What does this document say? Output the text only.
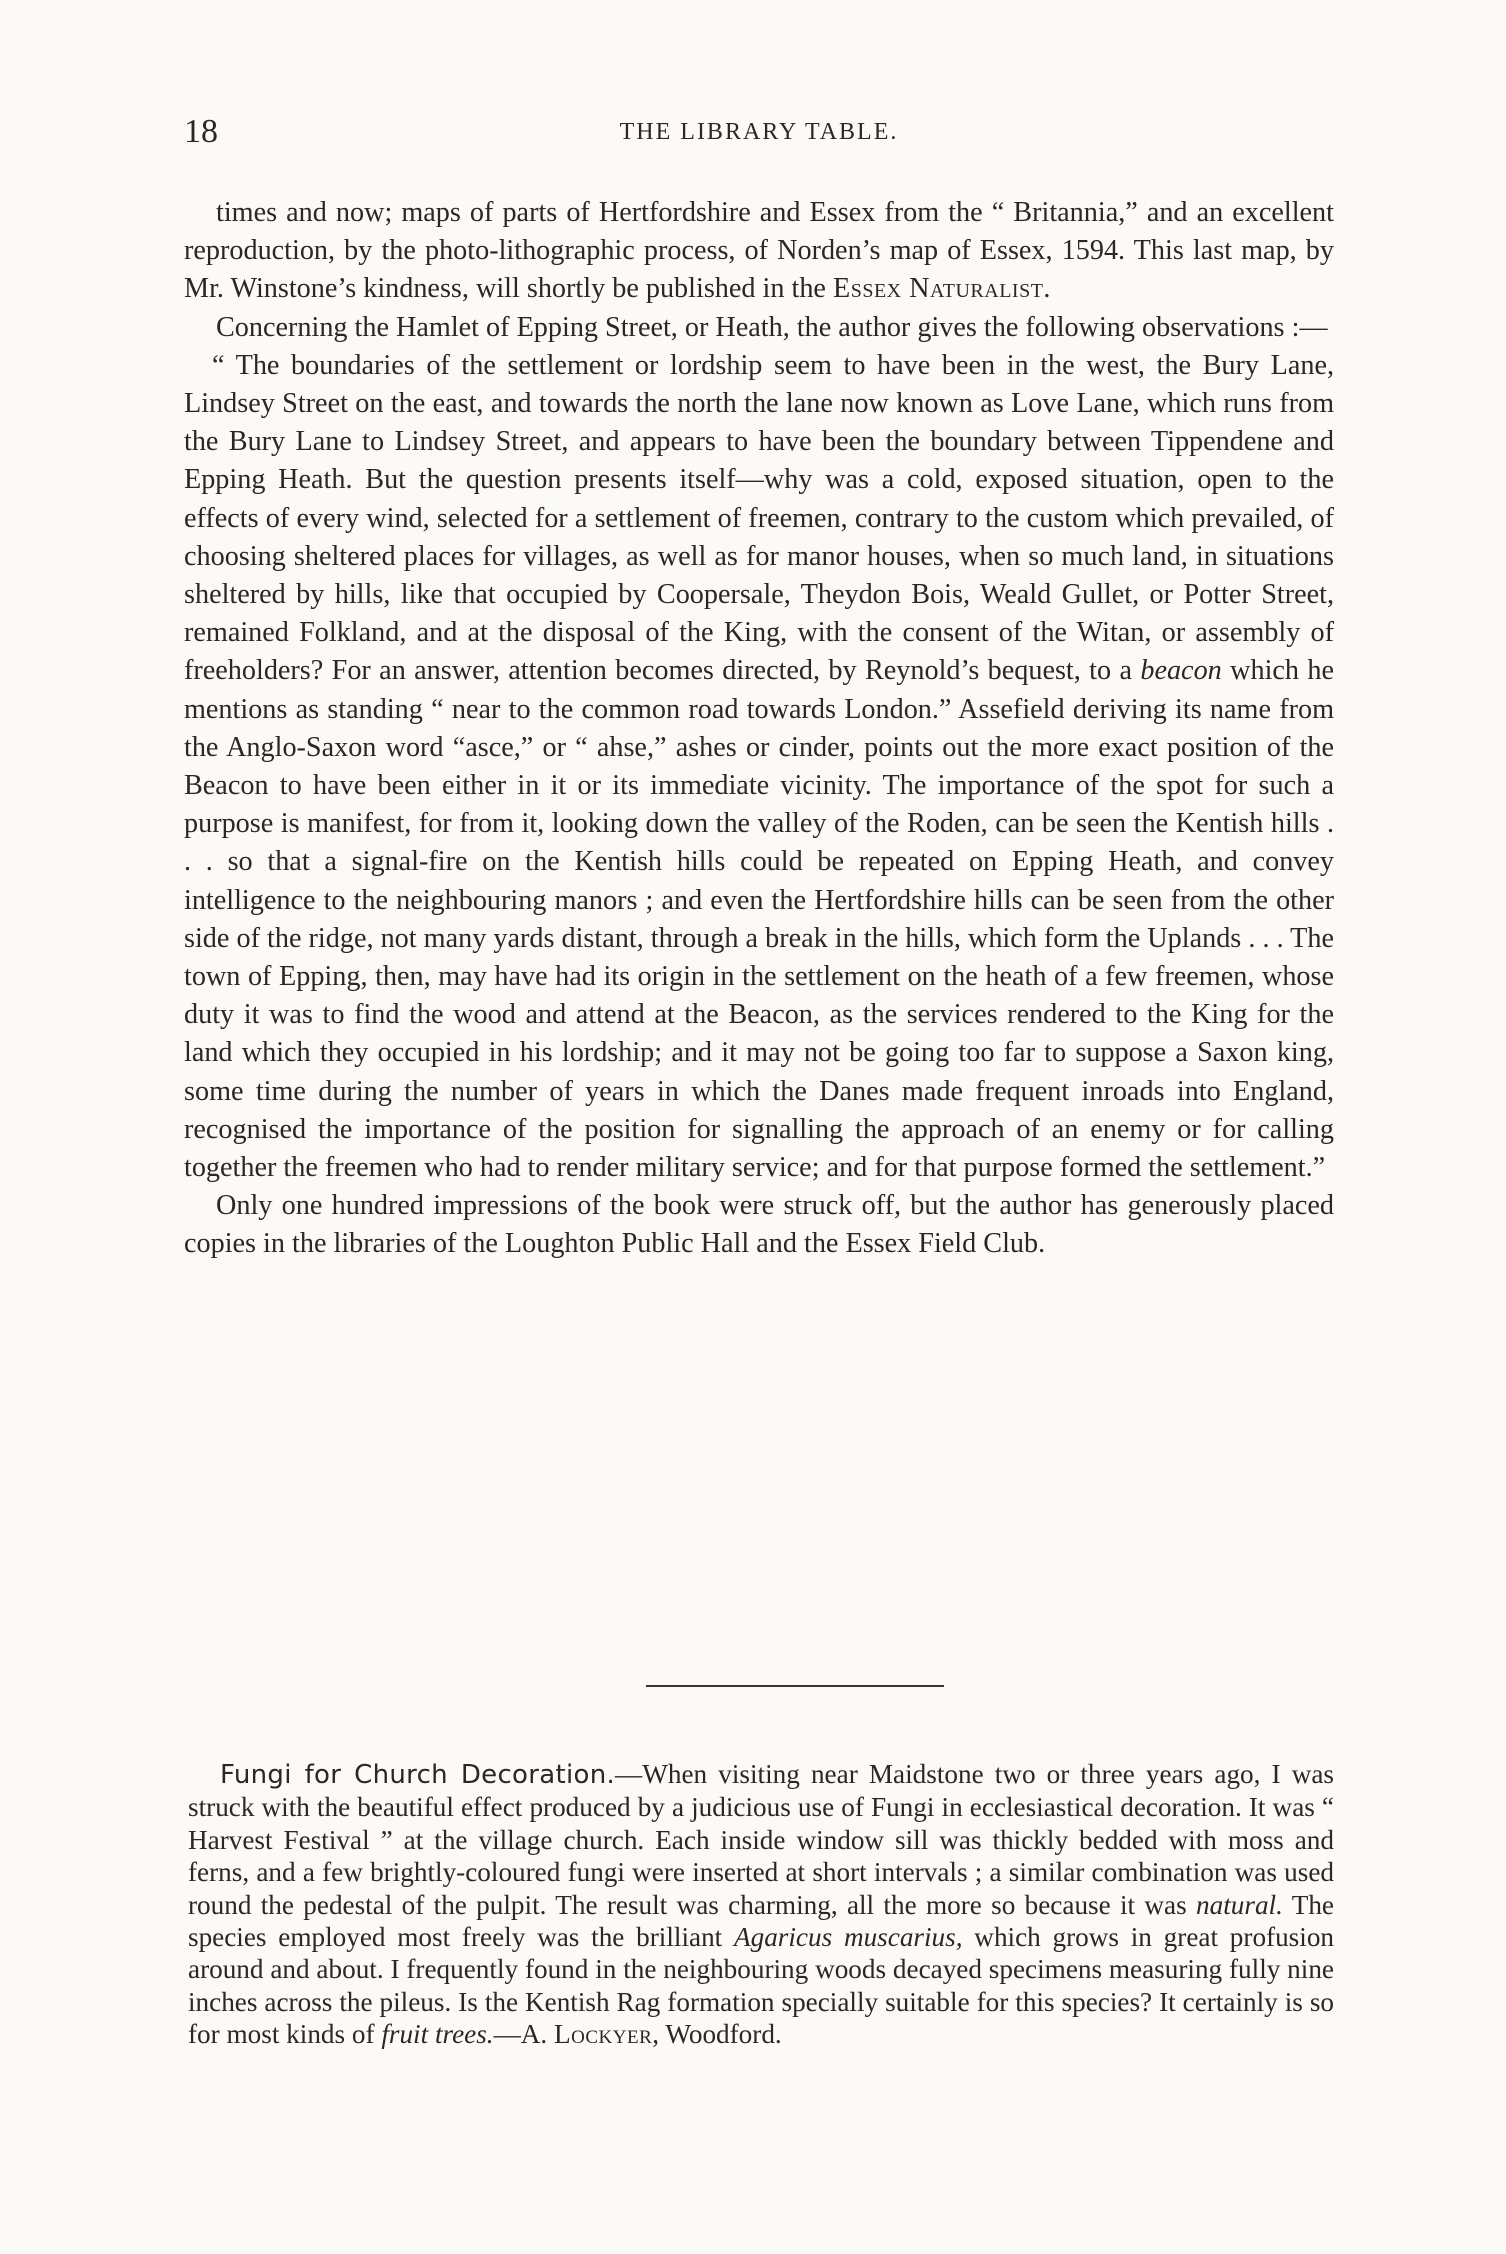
18	THE LIBRARY TABLE.

times and now; maps of parts of Hertfordshire and Essex from the “ Britannia,” and an excellent reproduction, by the photo-lithographic process, of Norden’s map of Essex, 1594. This last map, by Mr. Winstone’s kindness, will shortly be published in the Essex Naturalist.

Concerning the Hamlet of Epping Street, or Heath, the author gives the following observations :—

“ The boundaries of the settlement or lordship seem to have been in the west, the Bury Lane, Lindsey Street on the east, and towards the north the lane now known as Love Lane, which runs from the Bury Lane to Lindsey Street, and appears to have been the boundary between Tippendene and Epping Heath. But the question presents itself—why was a cold, exposed situation, open to the effects of every wind, selected for a settlement of freemen, contrary to the custom which prevailed, of choosing sheltered places for villages, as well as for manor houses, when so much land, in situations sheltered by hills, like that occupied by Coopersale, Theydon Bois, Weald Gullet, or Potter Street, remained Folkland, and at the disposal of the King, with the consent of the Witan, or assembly of freeholders? For an answer, attention becomes directed, by Reynold’s bequest, to a beacon which he mentions as standing “ near to the common road towards London.” Assefield deriving its name from the Anglo-Saxon word “asce,” or “ ahse,” ashes or cinder, points out the more exact position of the Beacon to have been either in it or its immediate vicinity. The importance of the spot for such a purpose is manifest, for from it, looking down the valley of the Roden, can be seen the Kentish hills . . . so that a signal-fire on the Kentish hills could be repeated on Epping Heath, and convey intelligence to the neighbouring manors ; and even the Hertfordshire hills can be seen from the other side of the ridge, not many yards distant, through a break in the hills, which form the Uplands . . . The town of Epping, then, may have had its origin in the settlement on the heath of a few freemen, whose duty it was to find the wood and attend at the Beacon, as the services rendered to the King for the land which they occupied in his lordship; and it may not be going too far to suppose a Saxon king, some time during the number of years in which the Danes made frequent inroads into England, recognised the importance of the position for signalling the approach of an enemy or for calling together the freemen who had to render military service; and for that purpose formed the settlement.”

Only one hundred impressions of the book were struck off, but the author has generously placed copies in the libraries of the Loughton Public Hall and the Essex Field Club.

Fungi for Church Decoration.—When visiting near Maidstone two or three years ago, I was struck with the beautiful effect produced by a judicious use of Fungi in ecclesiastical decoration. It was “ Harvest Festival ” at the village church. Each inside window sill was thickly bedded with moss and ferns, and a few brightly-coloured fungi were inserted at short intervals ; a similar combination was used round the pedestal of the pulpit. The result was charming, all the more so because it was natural. The species employed most freely was the brilliant Agaricus muscarius, which grows in great profusion around and about. I frequently found in the neighbouring woods decayed specimens measuring fully nine inches across the pileus. Is the Kentish Rag formation specially suitable for this species? It certainly is so for most kinds of fruit trees.—A. Lockyer, Woodford.
